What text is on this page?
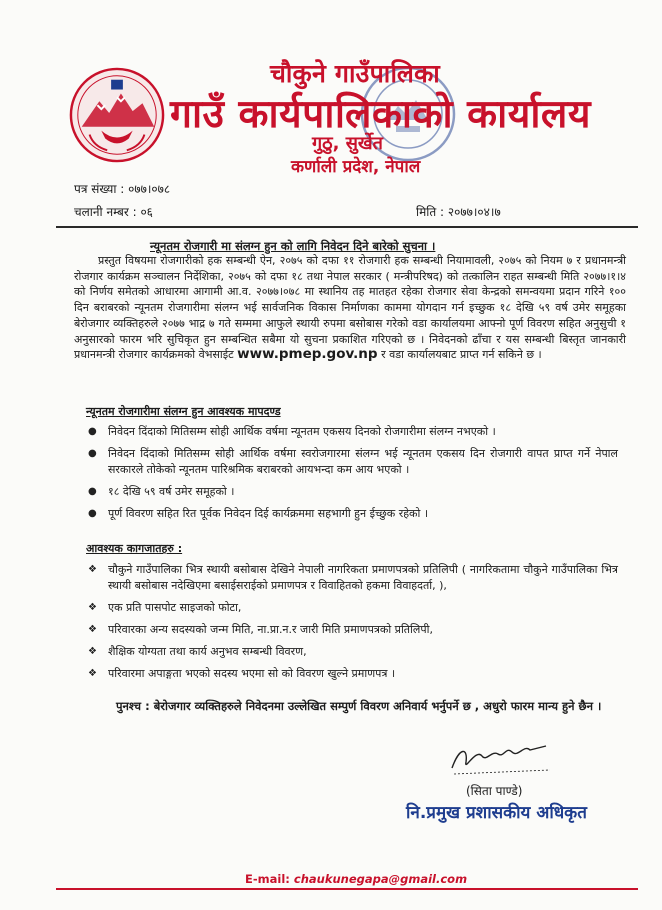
चौकुने गाउँपालिका
गाउँ कार्यपालिकाको कार्यालय
गुठु, सुर्खेत
कर्णाली प्रदेश, नेपाल
पत्र संख्या : ०७७।०७८
चलानी नम्बर : ०६	मिति : २०७७।०४।७
न्यूनतम रोजगारी मा संलग्न हुन को लागि निवेदन दिने बारेको सुचना ।
प्रस्तुत विषयमा रोजगारीको हक सम्बन्धी ऐन, २०७५ को दफा ११ रोजगारी हक सम्बन्धी नियामावली, २०७५ को नियम ७ र प्रधानमन्त्री रोजगार कार्यक्रम सञ्चालन निर्देशिका, २०७५ को दफा १८ तथा नेपाल सरकार ( मन्त्रीपरिषद) को तत्कालिन राहत सम्बन्धी मिति २०७७।१।४ को निर्णय समेतको आधारमा आगामी आ.व. २०७७।०७८ मा स्थानिय तह मातहत रहेका रोजगार सेवा केन्द्रको समन्वयमा प्रदान गरिने १०० दिन बराबरको न्यूनतम रोजगारीमा संलग्न भई सार्वजनिक विकास निर्माणका काममा योगदान गर्न इच्छुक १८ देखि ५९ वर्ष उमेर समूहका बेरोजगार व्यक्तिहरुले २०७७ भाद्र ७ गते सम्ममा आफुले स्थायी रुपमा बसोबास गरेको वडा कार्यालयमा आफ्नो पूर्ण विवरण सहित अनुसुची १ अनुसारको फारम भरि सुचिकृत हुन सम्बन्धित सबैमा यो सुचना प्रकाशित गरिएको छ । निवेदनको ढाँचा र यस सम्बन्धी बिस्तृत जानकारी प्रधानमन्त्री रोजगार कार्यक्रमको वेभसाईट www.pmep.gov.np र वडा कार्यालयबाट प्राप्त गर्न सकिने छ ।
न्यूनतम रोजगारीमा संलग्न हुन आवश्यक मापदण्ड
● निवेदन दिंदाको मितिसम्म सोही आर्थिक वर्षमा न्यूनतम एकसय दिनको रोजगारीमा संलग्न नभएको ।
● निवेदन दिंदाको मितिसम्म सोही आर्थिक वर्षमा स्वरोजगारमा संलग्न भई न्यूनतम एकसय दिन रोजगारी वापत प्राप्त गर्ने नेपाल सरकारले तोकेको न्यूनतम पारिश्रमिक बराबरको आयभन्दा कम आय भएको ।
● १८ देखि ५९ वर्ष उमेर समूहको ।
● पूर्ण विवरण सहित रित पूर्वक निवेदन दिई कार्यक्रममा सहभागी हुन ईच्छुक रहेको ।
आवश्यक कागजातहरु :
❖ चौकुने गाउँपालिका भित्र स्थायी बसोबास देखिने नेपाली नागरिकता प्रमाणपत्रको प्रतिलिपी ( नागरिकतामा चौकुने गाउँपालिका भित्र स्थायी बसोबास नदेखिएमा बसाईसराईको प्रमाणपत्र र विवाहितको हकमा विवाहदर्ता, ),
❖ एक प्रति पासपोट साइजको फोटा,
❖ परिवारका अन्य सदस्यको जन्म मिति, ना.प्रा.न.र जारी मिति प्रमाणपत्रको प्रतिलिपी,
❖ शैक्षिक योग्यता तथा कार्य अनुभव सम्बन्धी विवरण,
❖ परिवारमा अपाङ्गता भएको सदस्य भएमा सो को विवरण खुल्ने प्रमाणपत्र ।
पुनश्च : बेरोजगार व्यक्तिहरुले निवेदनमा उल्लेखित सम्पुर्ण विवरण अनिवार्य भर्नुपर्ने छ , अधुरो फारम मान्य हुने छैन ।
(सिता पाण्डे)
नि.प्रमुख प्रशासकीय अधिकृत
E-mail: chaukunegapa@gmail.com
